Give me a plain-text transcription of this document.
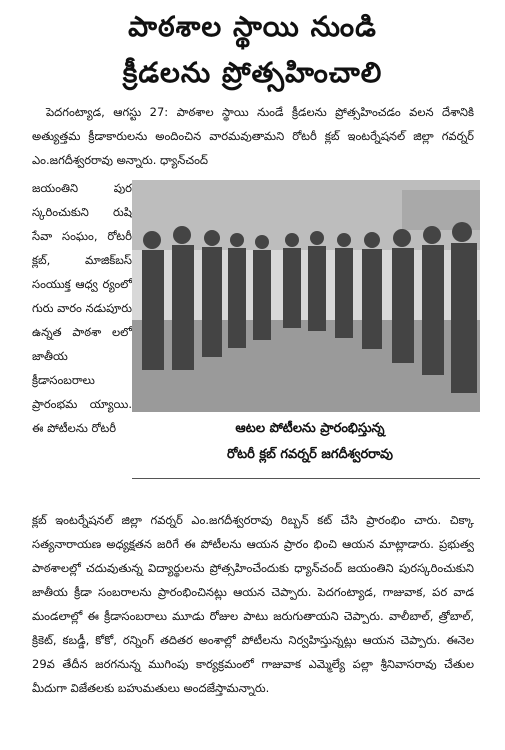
పాఠశాల స్థాయి నుండి
క్రీడలను ప్రోత్సహించాలి
పెదగంట్యాడ, ఆగస్టు 27: పాఠశాల స్థాయి నుండే క్రీడలను ప్రోత్సహించడం వలన దేశానికి అత్యుత్తమ క్రీడాకారులను అందించిన వారమవుతామని రోటరీ క్లబ్ ఇంటర్నేషనల్ జిల్లా గవర్నర్ ఎం.జగదీశ్వరరావు అన్నారు. ధ్యాన్‌చంద్
జయంతిని పుర స్కరించుకుని రుషి సేవా సంఘం, రోటరీ క్లబ్, మాజిక్‌బస్ సంయుక్త ఆధ్వ ర్యంలో గురు వారం నడుపూరు ఉన్నత పాఠశా లలో జాతీయ క్రీడాసంబరాలు ప్రారంభమ య్యాయి. ఈ పోటీలను రోటరీ	ఆటల పోటీలను ప్రారంభిస్తున్న
రోటరీ క్లబ్ గవర్నర్ జగదీశ్వరరావు
క్లబ్ ఇంటర్నేషనల్ జిల్లా గవర్నర్ ఎం.జగదీశ్వరరావు రిబ్బన్ కట్ చేసి ప్రారంభిం చారు. చిక్కా సత్యనారాయణ అధ్యక్షతన జరిగే ఈ పోటీలను ఆయన ప్రారం భించి ఆయన మాట్లాడారు. ప్రభుత్వ పాఠశాలల్లో చదువుతున్న విద్యార్థులను ప్రోత్సహించేందుకు ధ్యాన్‌చంద్ జయంతిని పురస్కరించుకుని జాతీయ క్రీడా సంబరాలను ప్రారంభించినట్లు ఆయన చెప్పారు. పెదగంట్యాడ, గాజువాక, పర వాడ మండలాల్లో ఈ క్రీడాసంబరాలు మూడు రోజుల పాటు జరుగుతాయని చెప్పారు. వాలీబాల్, త్రోబాల్, క్రికెట్, కబడ్డీ, కోకో, రన్నింగ్ తదితర అంశాల్లో పోటీలను నిర్వహిస్తున్నట్లు ఆయన చెప్పారు. ఈనెల 29వ తేదీన జరగనున్న ముగింపు కార్యక్రమంలో గాజువాక ఎమ్మెల్యే పల్లా శ్రీనివాసరావు చేతుల మీదుగా విజేతలకు బహుమతులు అందజేస్తామన్నారు.
